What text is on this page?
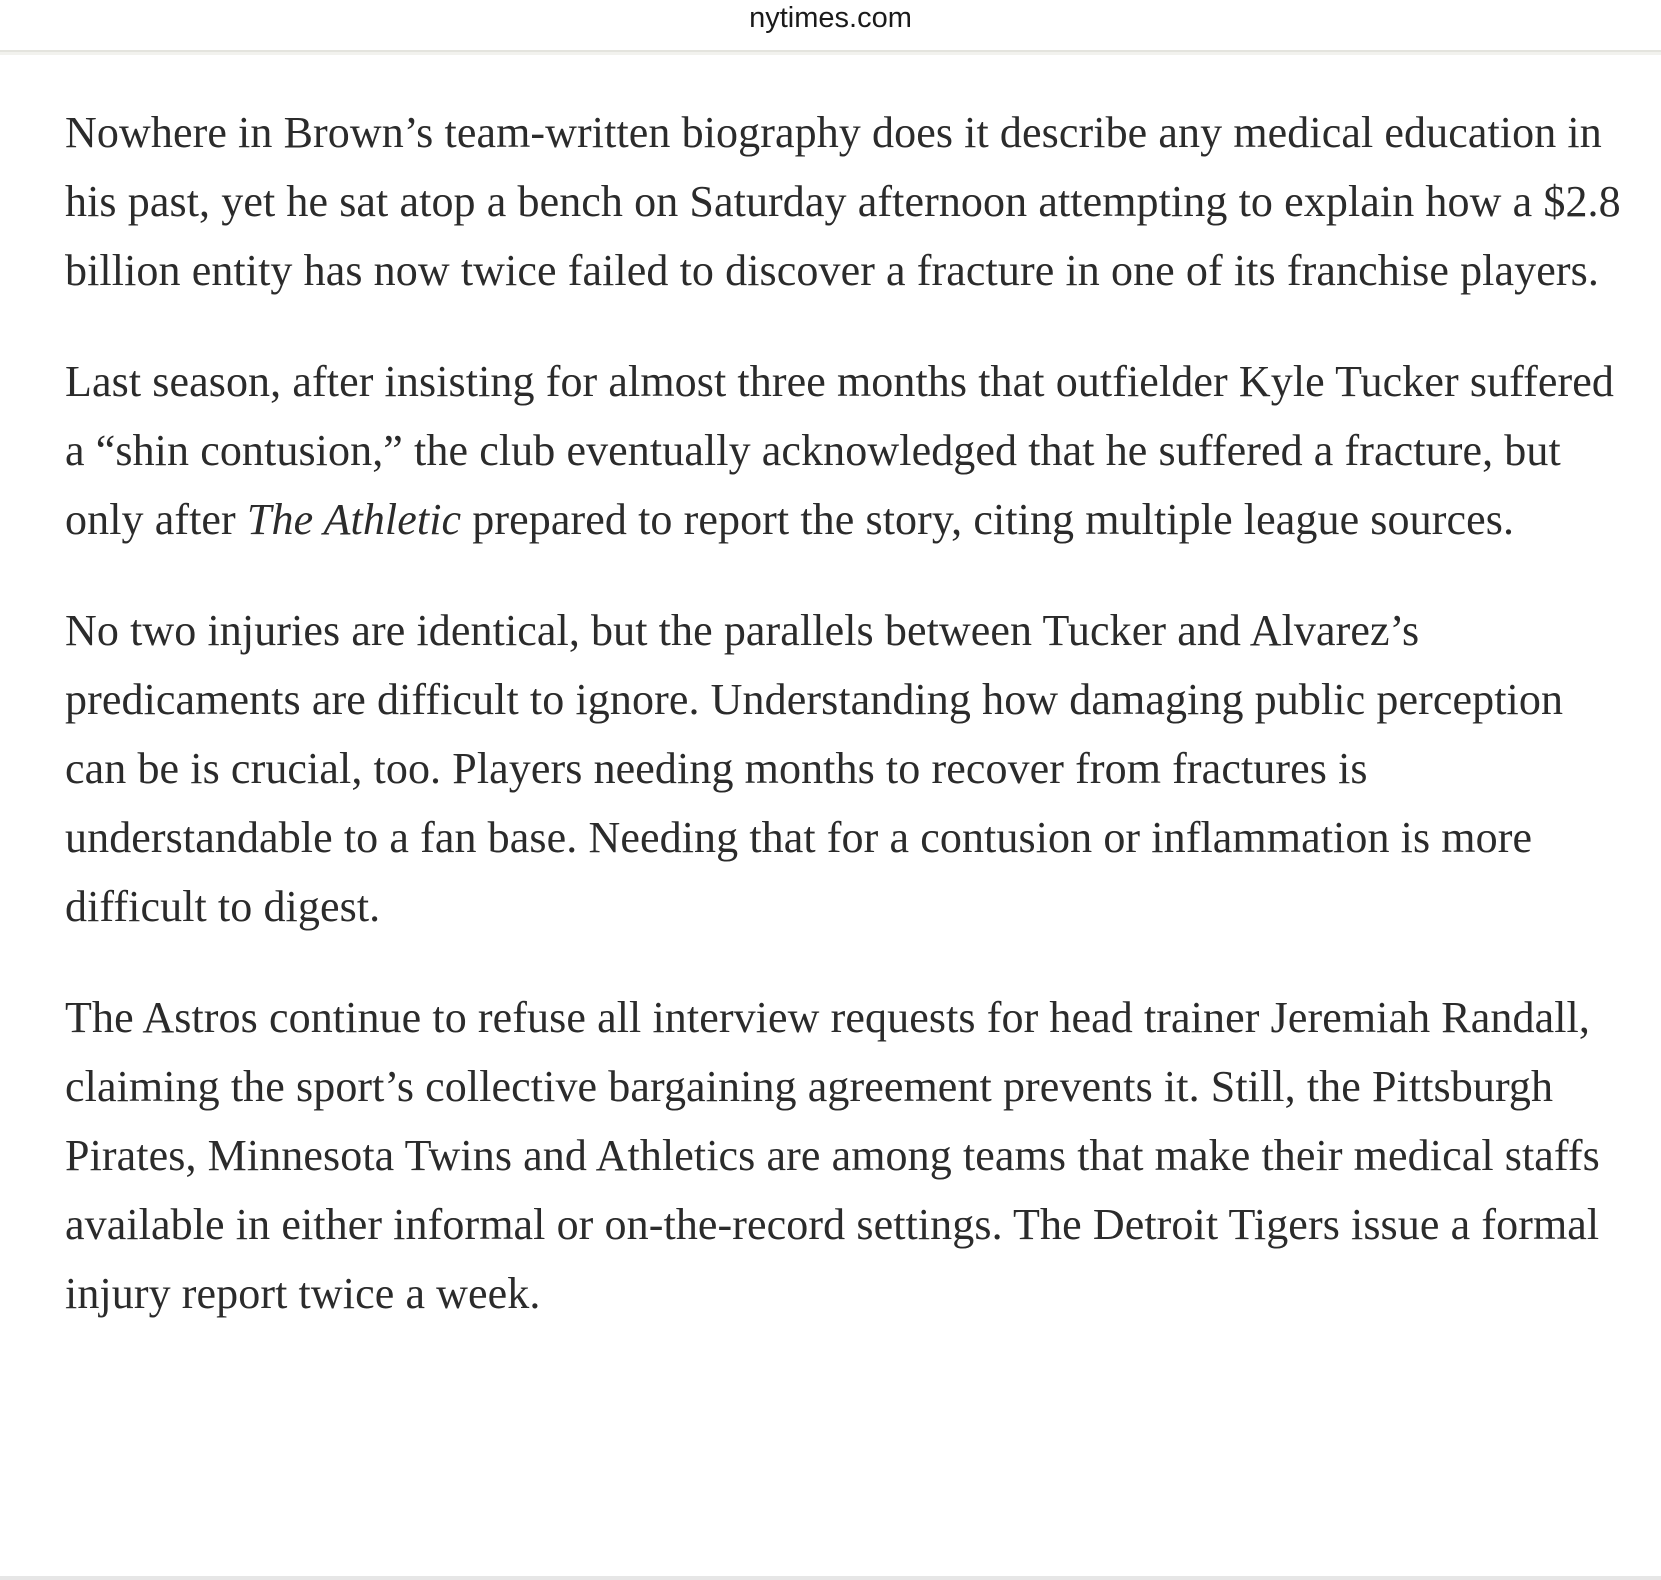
nytimes.com

Nowhere in Brown’s team-written biography does it describe any medical education in his past, yet he sat atop a bench on Saturday afternoon attempting to explain how a $2.8 billion entity has now twice failed to discover a fracture in one of its franchise players.

Last season, after insisting for almost three months that outfielder Kyle Tucker suffered a “shin contusion,” the club eventually acknowledged that he suffered a fracture, but only after The Athletic prepared to report the story, citing multiple league sources.

No two injuries are identical, but the parallels between Tucker and Alvarez’s predicaments are difficult to ignore. Understanding how damaging public perception can be is crucial, too. Players needing months to recover from fractures is understandable to a fan base. Needing that for a contusion or inflammation is more difficult to digest.

The Astros continue to refuse all interview requests for head trainer Jeremiah Randall, claiming the sport’s collective bargaining agreement prevents it. Still, the Pittsburgh Pirates, Minnesota Twins and Athletics are among teams that make their medical staffs available in either informal or on-the-record settings. The Detroit Tigers issue a formal injury report twice a week.
